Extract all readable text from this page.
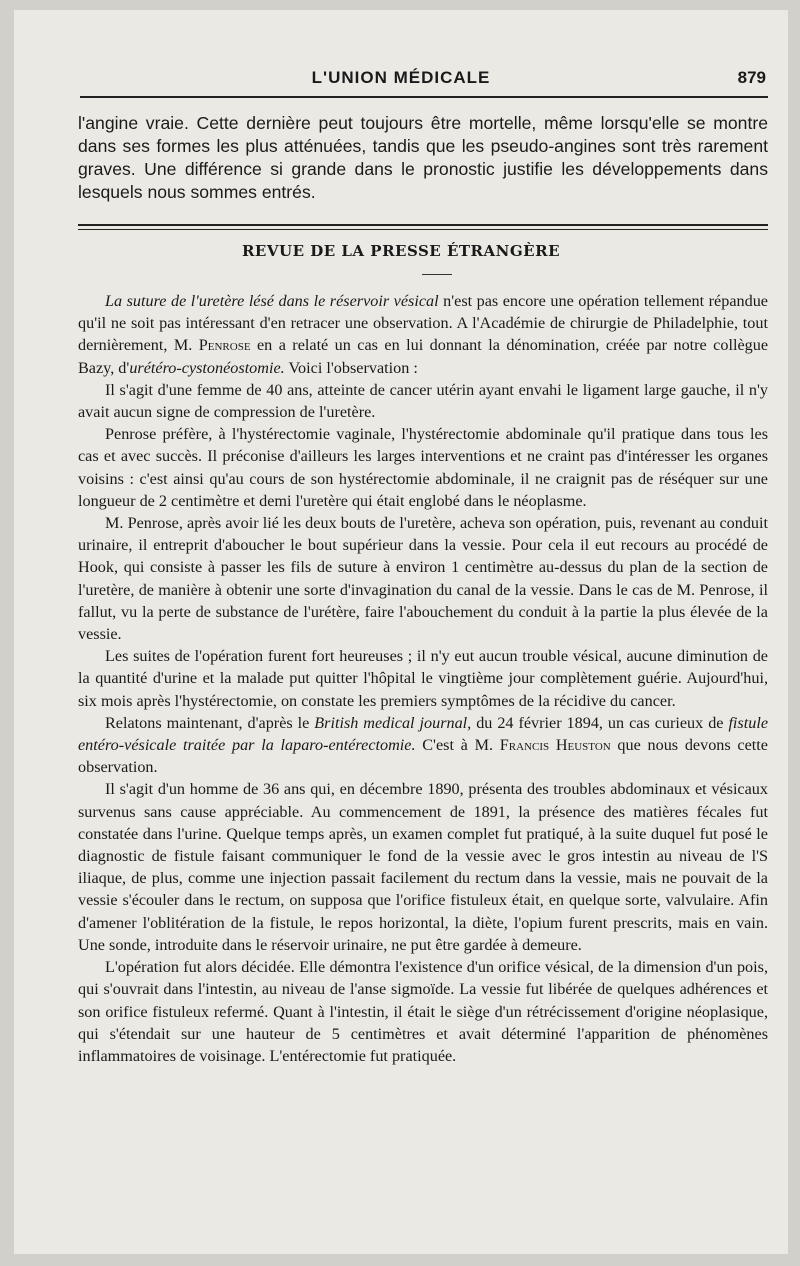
L'UNION MÉDICALE	879
l'angine vraie. Cette dernière peut toujours être mortelle, même lorsqu'elle se montre dans ses formes les plus atténuées, tandis que les pseudo-angines sont très rarement graves. Une différence si grande dans le pronostic justifie les développements dans lesquels nous sommes entrés.
REVUE DE LA PRESSE ÉTRANGÈRE

La suture de l'uretère lésé dans le réservoir vésical n'est pas encore une opération tellement répandue qu'il ne soit pas intéressant d'en retracer une observation. A l'Académie de chirurgie de Philadelphie, tout dernièrement, M. Penrose en a relaté un cas en lui donnant la dénomination, créée par notre collègue Bazy, d'urétéro-cystonéostomie. Voici l'observation :

Il s'agit d'une femme de 40 ans, atteinte de cancer utérin ayant envahi le ligament large gauche, il n'y avait aucun signe de compression de l'uretère.

Penrose préfère, à l'hystérectomie vaginale, l'hystérectomie abdominale qu'il pratique dans tous les cas et avec succès. Il préconise d'ailleurs les larges interventions et ne craint pas d'intéresser les organes voisins : c'est ainsi qu'au cours de son hystérectomie abdominale, il ne craignit pas de réséquer sur une longueur de 2 centimètre et demi l'uretère qui était englobé dans le néoplasme.

M. Penrose, après avoir lié les deux bouts de l'uretère, acheva son opération, puis, revenant au conduit urinaire, il entreprit d'aboucher le bout supérieur dans la vessie. Pour cela il eut recours au procédé de Hook, qui consiste à passer les fils de suture à environ 1 centimètre au-dessus du plan de la section de l'uretère, de manière à obtenir une sorte d'invagination du canal de la vessie. Dans le cas de M. Penrose, il fallut, vu la perte de substance de l'urétère, faire l'abouchement du conduit à la partie la plus élevée de la vessie.

Les suites de l'opération furent fort heureuses ; il n'y eut aucun trouble vésical, aucune diminution de la quantité d'urine et la malade put quitter l'hôpital le vingtième jour complètement guérie. Aujourd'hui, six mois après l'hystérectomie, on constate les premiers symptômes de la récidive du cancer.

Relatons maintenant, d'après le British medical journal, du 24 février 1894, un cas curieux de fistule entéro-vésicale traitée par la laparo-entérectomie. C'est à M. Francis Heuston que nous devons cette observation.

Il s'agit d'un homme de 36 ans qui, en décembre 1890, présenta des troubles abdominaux et vésicaux survenus sans cause appréciable. Au commencement de 1891, la présence des matières fécales fut constatée dans l'urine. Quelque temps après, un examen complet fut pratiqué, à la suite duquel fut posé le diagnostic de fistule faisant communiquer le fond de la vessie avec le gros intestin au niveau de l'S iliaque, de plus, comme une injection passait facilement du rectum dans la vessie, mais ne pouvait de la vessie s'écouler dans le rectum, on supposa que l'orifice fistuleux était, en quelque sorte, valvulaire. Afin d'amener l'oblitération de la fistule, le repos horizontal, la diète, l'opium furent prescrits, mais en vain. Une sonde, introduite dans le réservoir urinaire, ne put être gardée à demeure.

L'opération fut alors décidée. Elle démontra l'existence d'un orifice vésical, de la dimension d'un pois, qui s'ouvrait dans l'intestin, au niveau de l'anse sigmoïde. La vessie fut libérée de quelques adhérences et son orifice fistuleux refermé. Quant à l'intestin, il était le siège d'un rétrécissement d'origine néoplasique, qui s'étendait sur une hauteur de 5 centimètres et avait déterminé l'apparition de phénomènes inflammatoires de voisinage. L'entérectomie fut pratiquée.
